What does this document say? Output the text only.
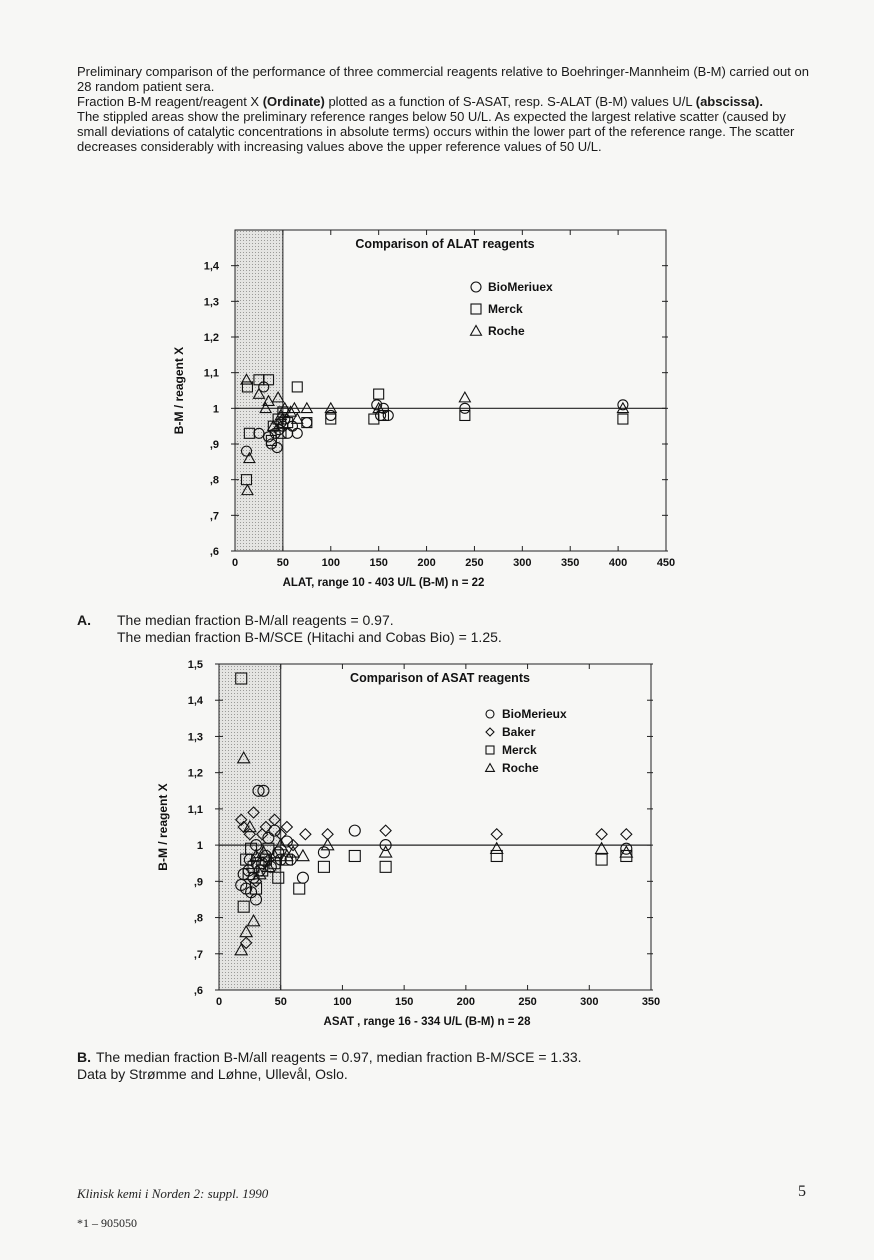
Preliminary comparison of the performance of three commercial reagents relative to Boehringer-Mannheim (B-M) carried out on 28 random patient sera.

Fraction B-M reagent/reagent X (Ordinate) plotted as a function of S-ASAT, resp. S-ALAT (B-M) values U/L (abscissa).

The stippled areas show the preliminary reference ranges below 50 U/L. As expected the largest relative scatter (caused by small deviations of catalytic concentrations in absolute terms) occurs within the lower part of the reference range. The scatter decreases considerably with increasing values above the upper reference values of 50 U/L.

0	50	100	150	200	250	300	350	400	450
,6
,7
,8
,9
1
1,1
1,2
1,3
1,4
ALAT, range 10 - 403 U/L (B-M) n = 22
B-M / reagent X
Comparison of ALAT reagents
BioMeriuex
Merck
Roche
A. The median fraction B-M/all reagents = 0.97.
The median fraction B-M/SCE (Hitachi and Cobas Bio) = 1.25.
0	50	100	150	200	250	300	350
,6
,7
,8
,9
1
1,1
1,2
1,3
1,4
1,5
ASAT , range 16 - 334 U/L (B-M) n = 28
B-M / reagent X
Comparison of ASAT reagents
BioMerieux
Baker
Merck
Roche
B. The median fraction B-M/all reagents = 0.97, median fraction B-M/SCE = 1.33.
Data by Strømme and Løhne, Ullevål, Oslo.
Klinisk kemi i Norden 2: suppl. 1990
*1 – 905050
5
